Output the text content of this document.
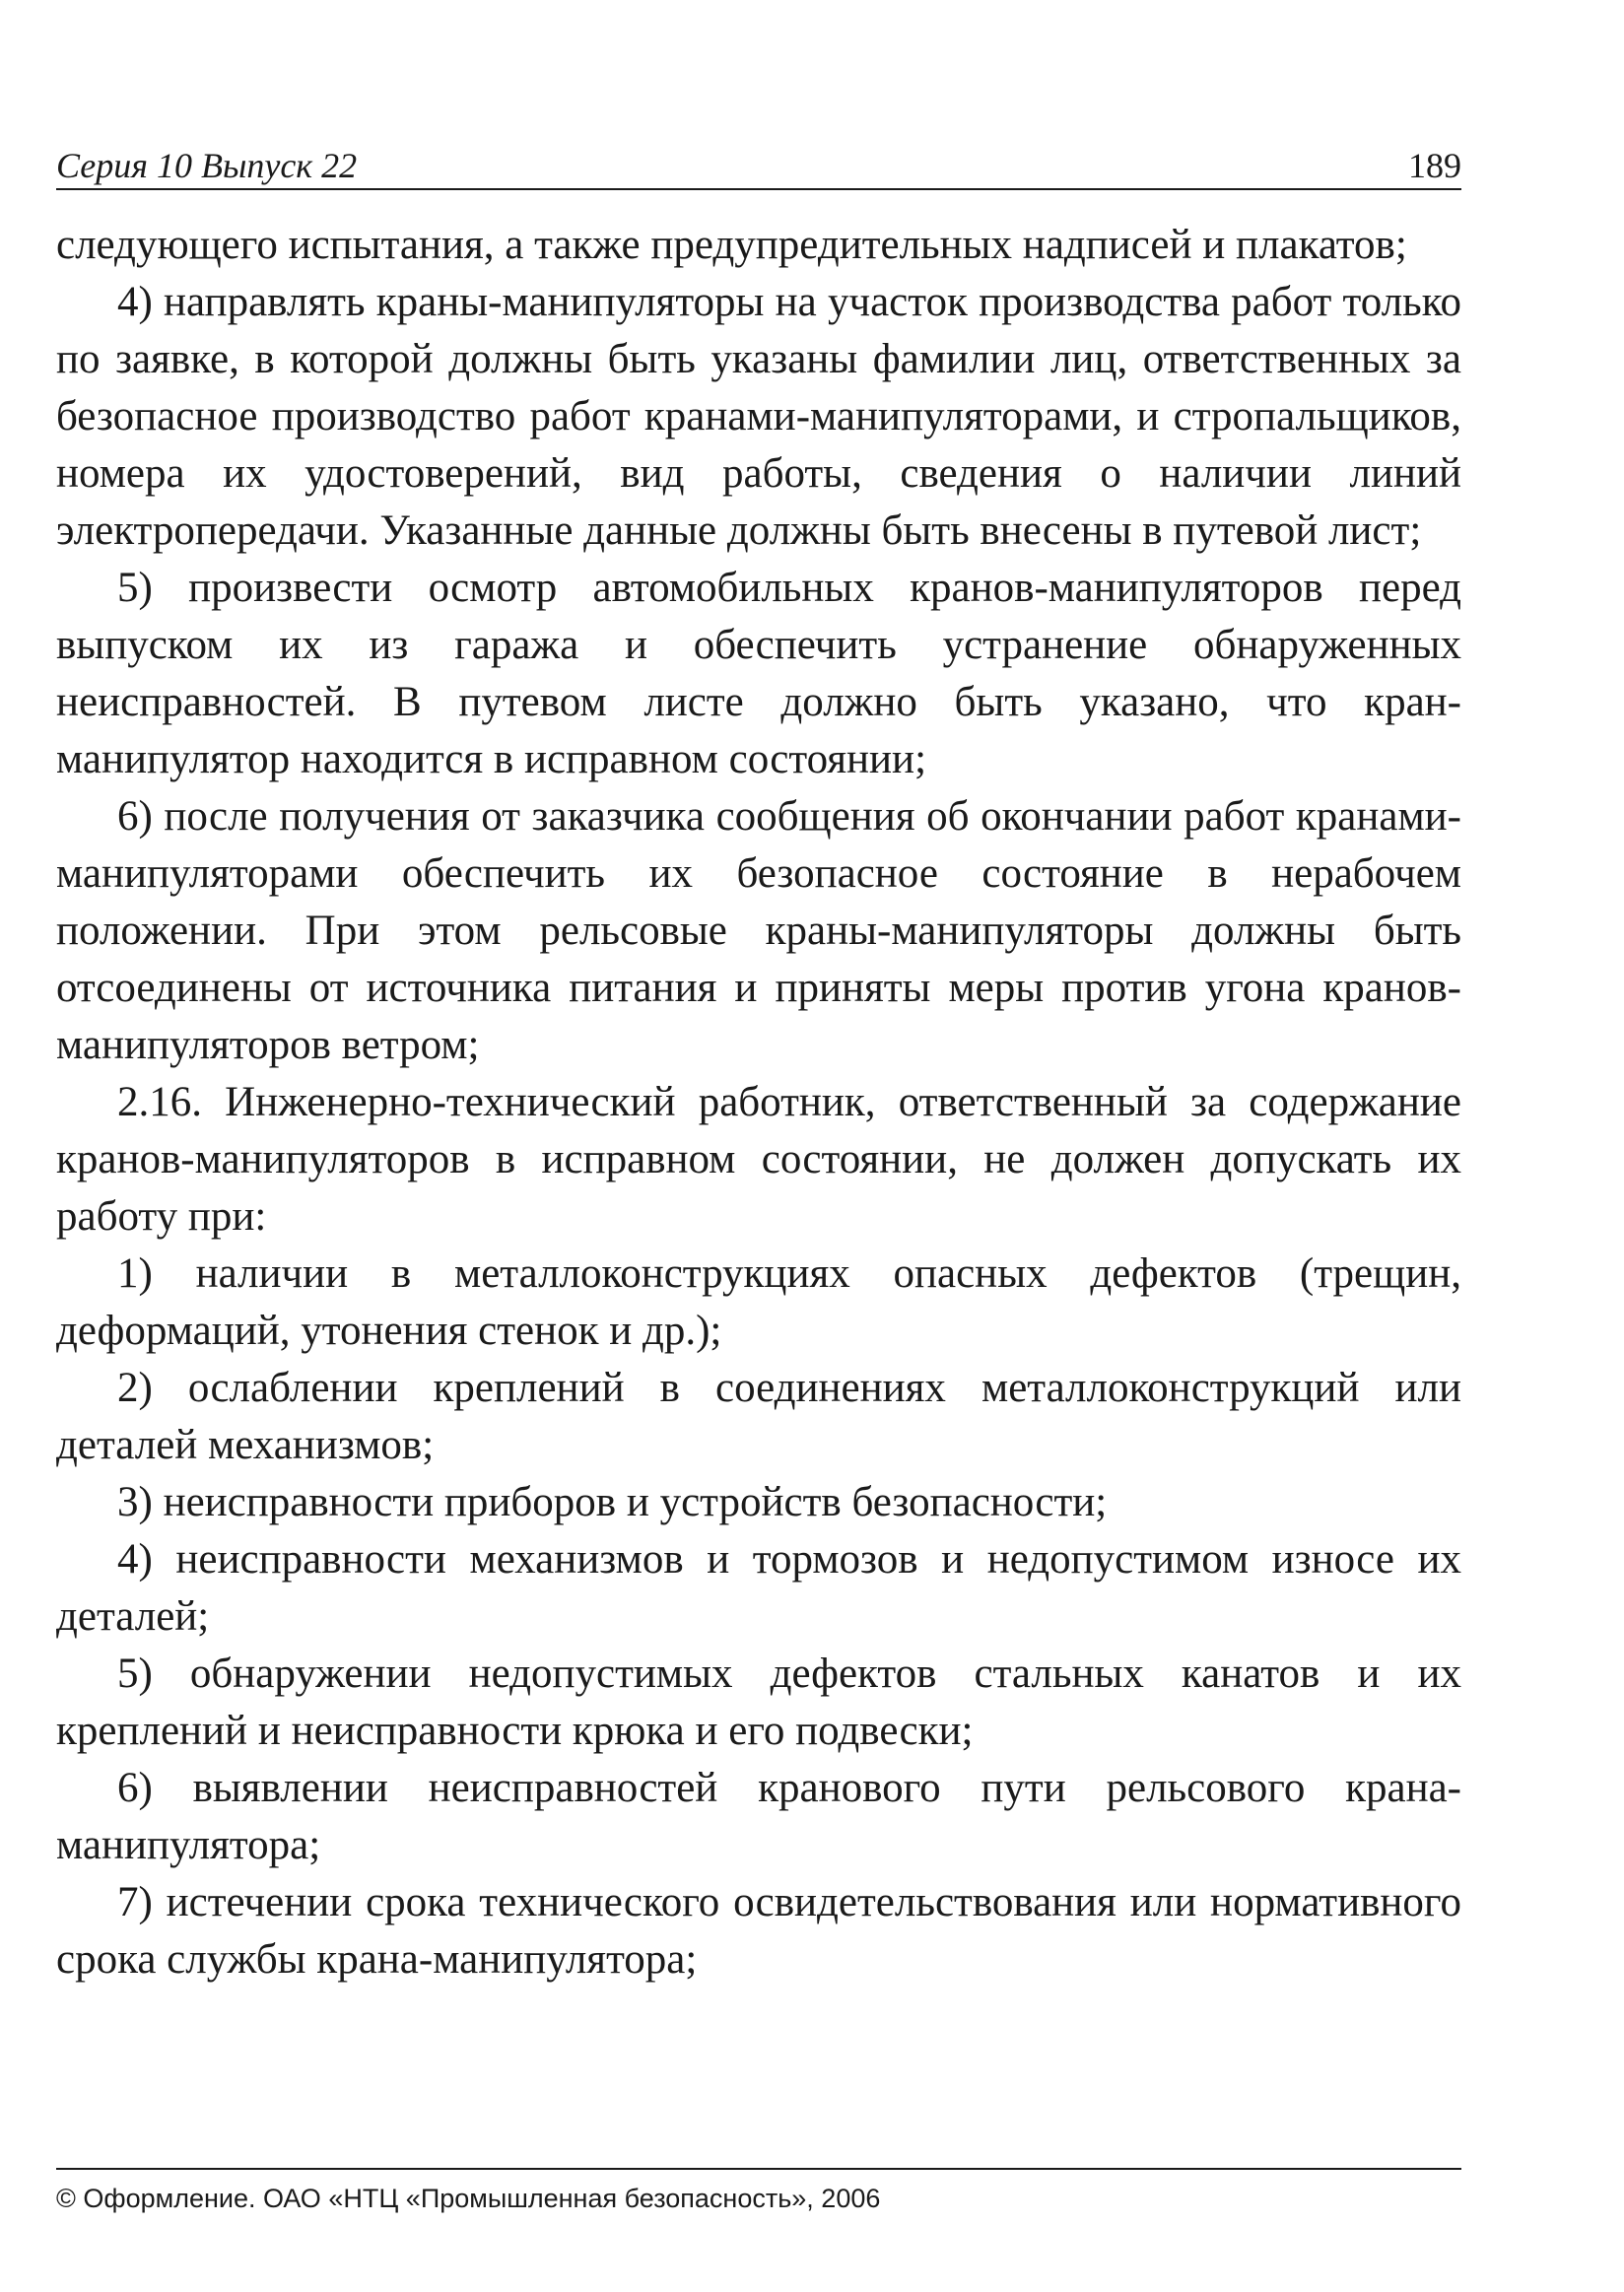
Серия 10 Выпуск 22	189

следующего испытания, а также предупредительных надписей и плакатов;

4) направлять краны-манипуляторы на участок производства работ только по заявке, в которой должны быть указаны фамилии лиц, ответственных за безопасное производство работ кранами-манипуляторами, и стропальщиков, номера их удостоверений, вид работы, сведения о наличии линий электропередачи. Указанные данные должны быть внесены в путевой лист;

5) произвести осмотр автомобильных кранов-манипуляторов перед выпуском их из гаража и обеспечить устранение обнаруженных неисправностей. В путевом листе должно быть указано, что кран-манипулятор находится в исправном состоянии;

6) после получения от заказчика сообщения об окончании работ кранами-манипуляторами обеспечить их безопасное состояние в нерабочем положении. При этом рельсовые краны-манипуляторы должны быть отсоединены от источника питания и приняты меры против угона кранов-манипуляторов ветром;

2.16. Инженерно-технический работник, ответственный за содержание кранов-манипуляторов в исправном состоянии, не должен допускать их работу при:

1) наличии в металлоконструкциях опасных дефектов (трещин, деформаций, утонения стенок и др.);

2) ослаблении креплений в соединениях металлоконструкций или деталей механизмов;

3) неисправности приборов и устройств безопасности;

4) неисправности механизмов и тормозов и недопустимом износе их деталей;

5) обнаружении недопустимых дефектов стальных канатов и их креплений и неисправности крюка и его подвески;

6) выявлении неисправностей кранового пути рельсового крана-манипулятора;

7) истечении срока технического освидетельствования или нормативного срока службы крана-манипулятора;

© Оформление. ОАО «НТЦ «Промышленная безопасность», 2006
